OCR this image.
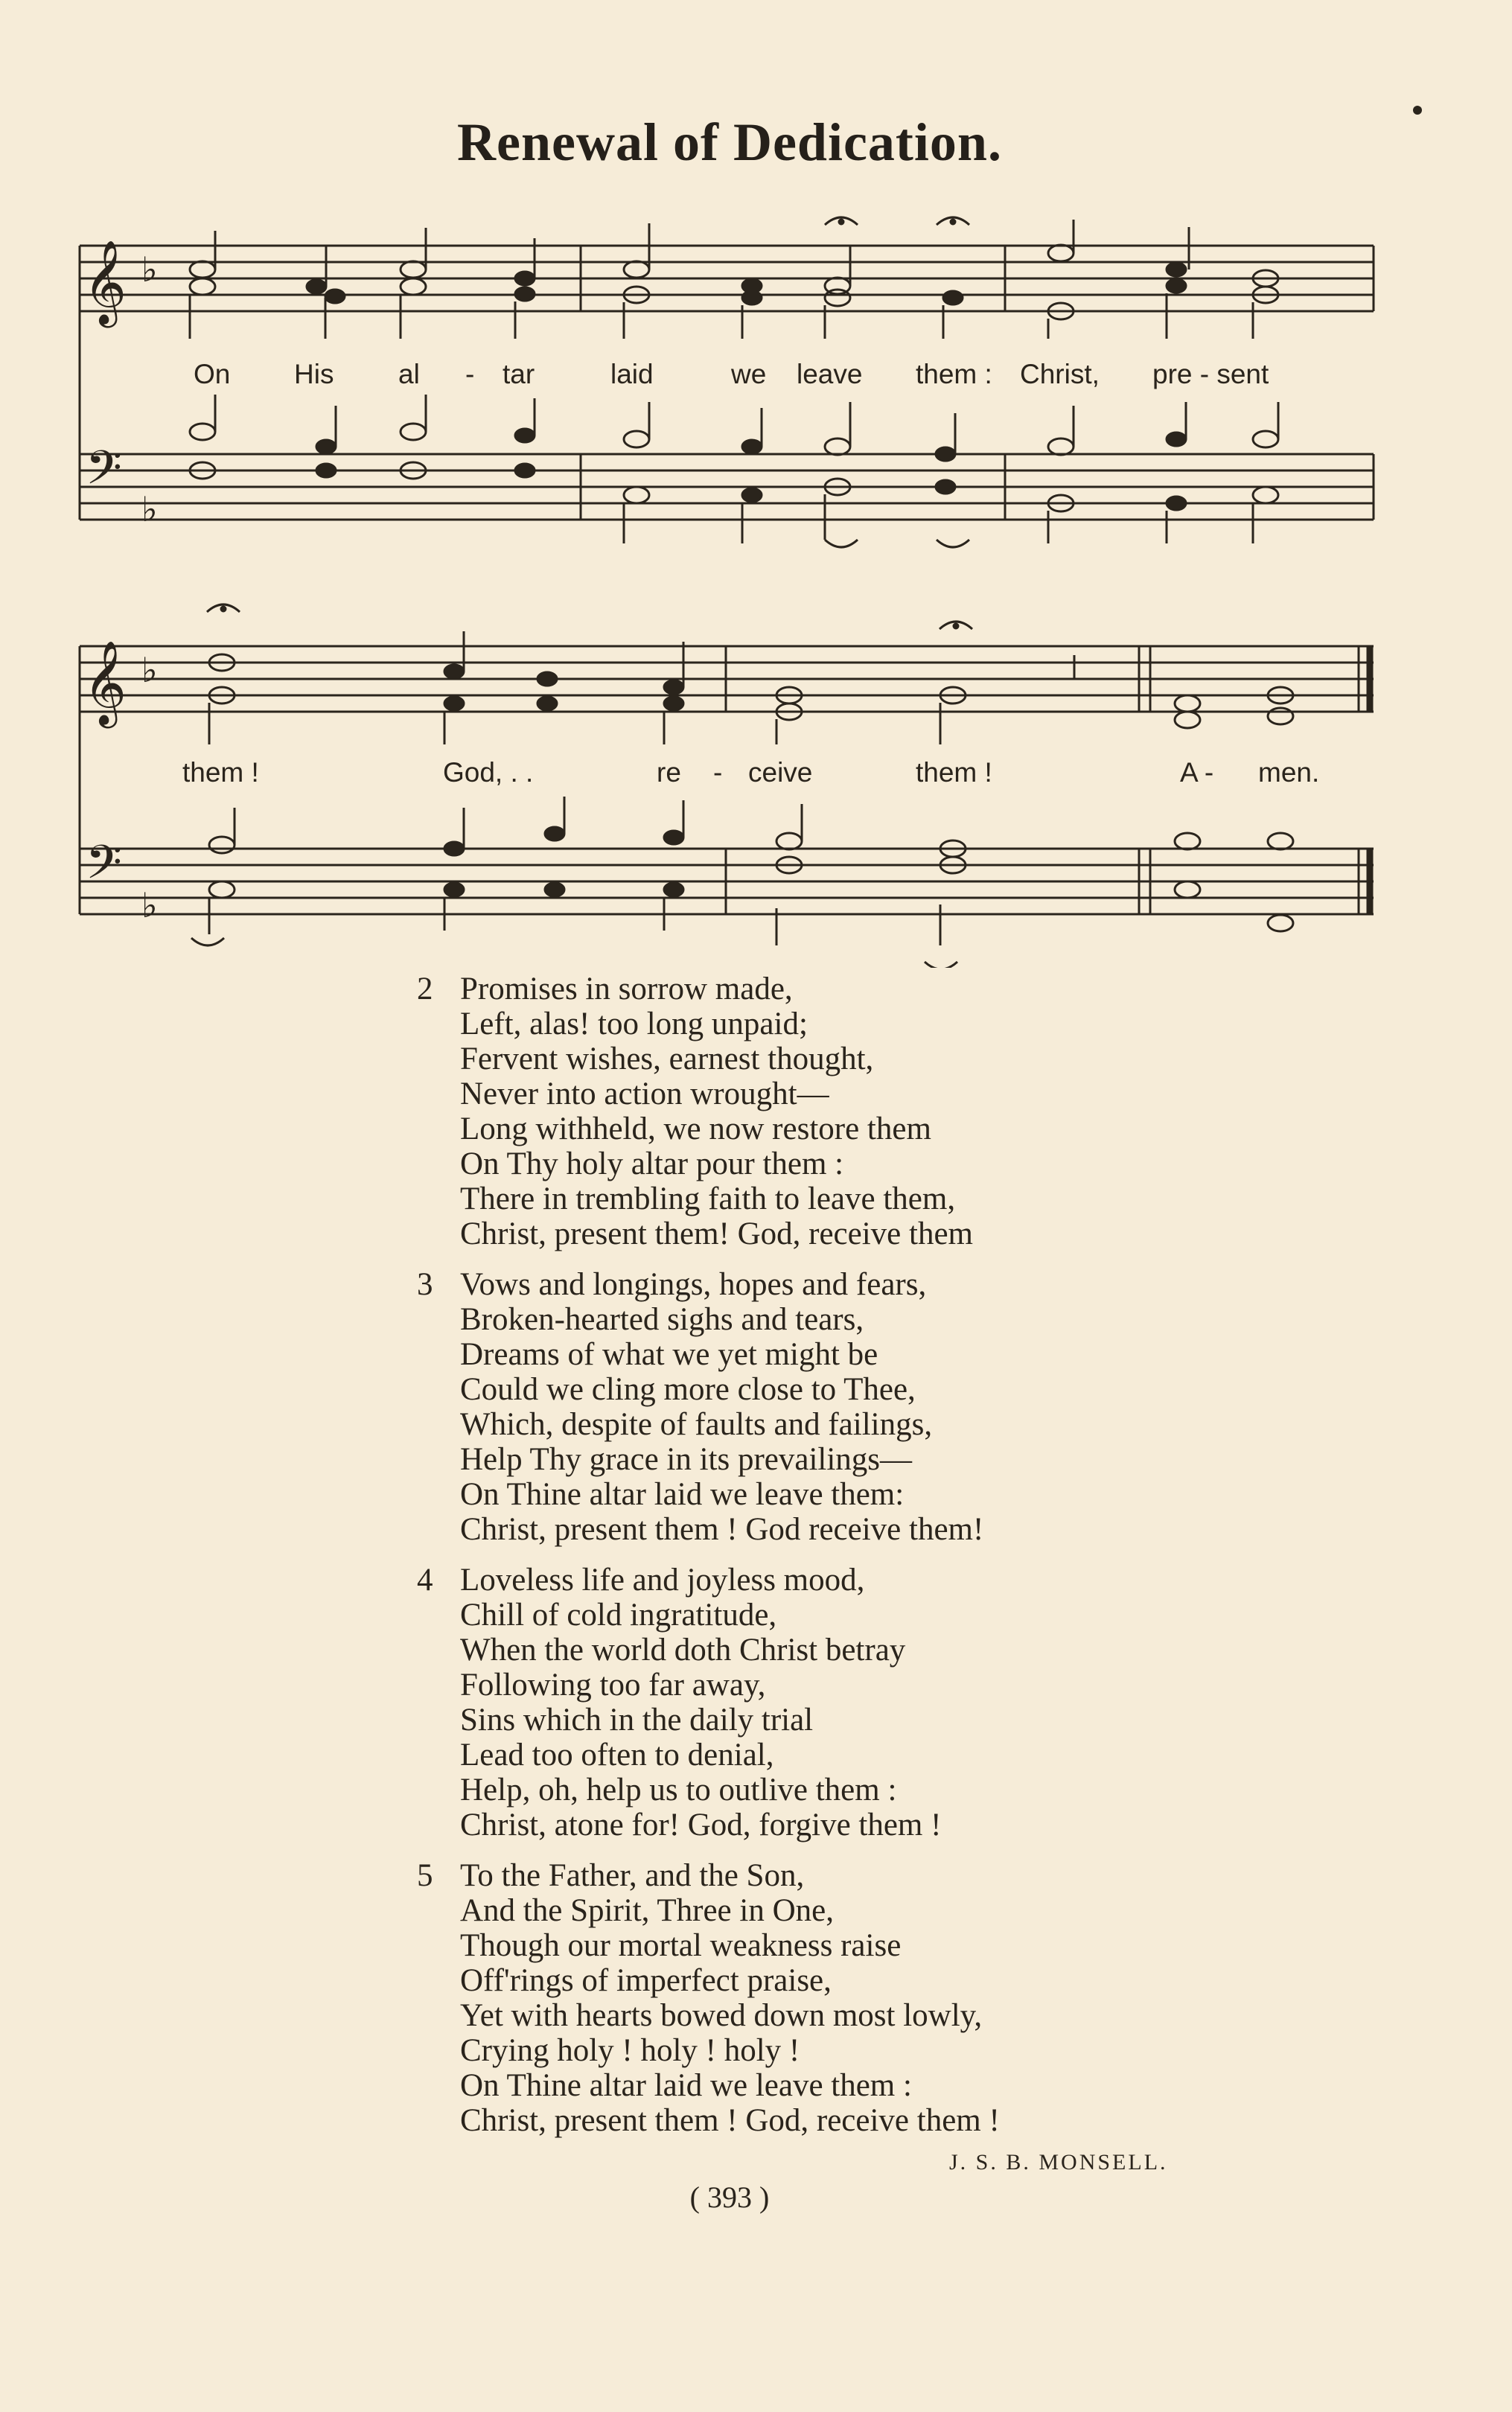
Renewal of Dedication.
𝄞
𝄢
𝄞
𝄢
♭
♭
♭
♭
On His al - tar	laid	we leave them : Christ, pre - sent
them !	God, . .	re - ceive	them !	A - men.
2 Promises in sorrow made,
Left, alas! too long unpaid;
Fervent wishes, earnest thought,
Never into action wrought—
Long withheld, we now restore them
On Thy holy altar pour them :
There in trembling faith to leave them,
Christ, present them! God, receive them
3 Vows and longings, hopes and fears,
Broken-hearted sighs and tears,
Dreams of what we yet might be
Could we cling more close to Thee,
Which, despite of faults and failings,
Help Thy grace in its prevailings—
On Thine altar laid we leave them:
Christ, present them ! God receive them!
4 Loveless life and joyless mood,
Chill of cold ingratitude,
When the world doth Christ betray
Following too far away,
Sins which in the daily trial
Lead too often to denial,
Help, oh, help us to outlive them :
Christ, atone for! God, forgive them !
5 To the Father, and the Son,
And the Spirit, Three in One,
Though our mortal weakness raise
Off'rings of imperfect praise,
Yet with hearts bowed down most lowly,
Crying holy ! holy ! holy !
On Thine altar laid we leave them :
Christ, present them ! God, receive them !
J. S. B. MONSELL.
( 393 )
